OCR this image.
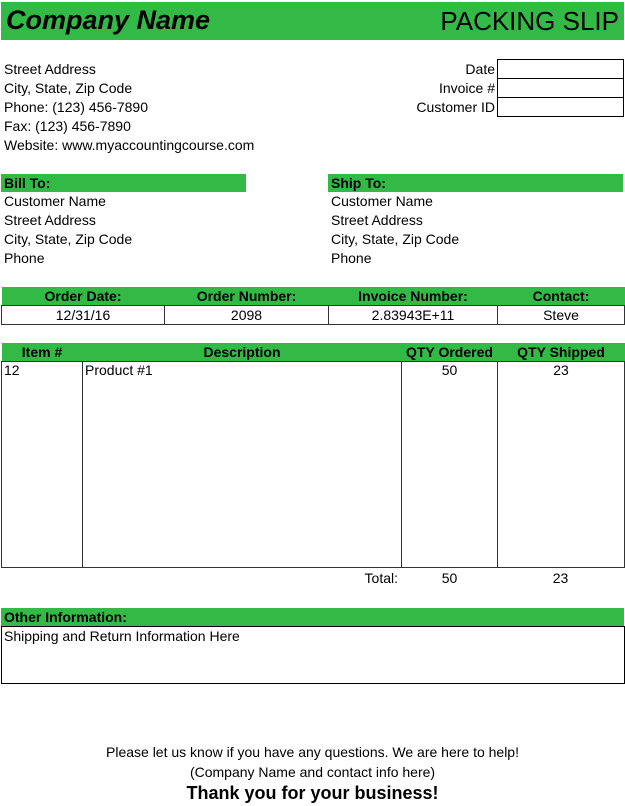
Company Name	PACKING SLIP
Street Address
City, State, Zip Code
Phone: (123) 456-7890
Fax: (123) 456-7890
Website: www.myaccountingcourse.com
Date
Invoice #
Customer ID
Bill To:
Customer Name
Street Address
City, State, Zip Code
Phone
Ship To:
Customer Name
Street Address
City, State, Zip Code
Phone
Order Date:	Order Number:	Invoice Number:	Contact:
12/31/16	2098	2.83943E+11	Steve
Item #	Description	QTY Ordered	QTY Shipped
12	Product #1	50	23
Total:	50	23
Other Information:
Shipping and Return Information Here
Please let us know if you have any questions. We are here to help!
(Company Name and contact info here)
Thank you for your business!
